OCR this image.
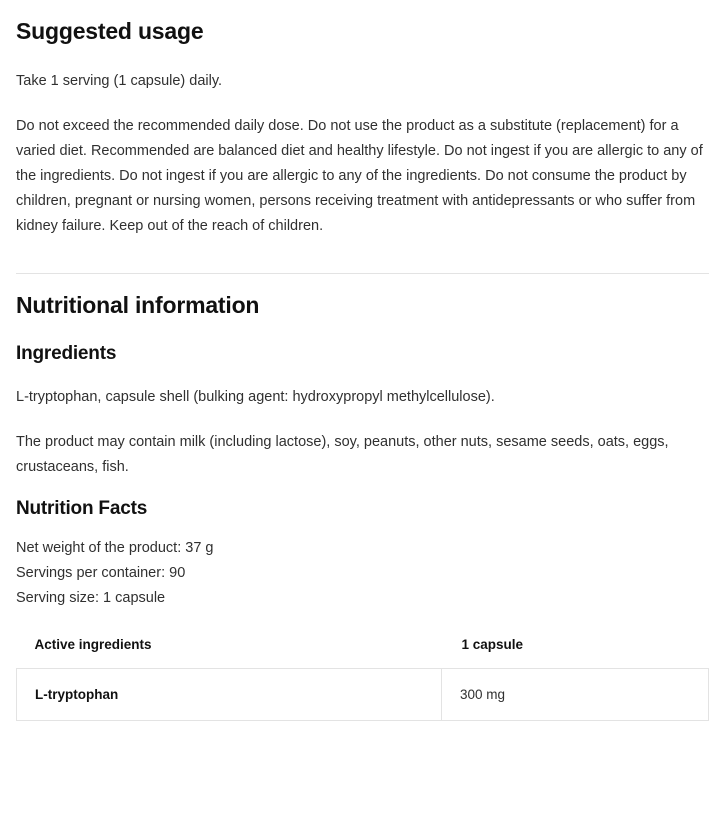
Suggested usage

Take 1 serving (1 capsule) daily.

Do not exceed the recommended daily dose. Do not use the product as a substitute (replacement) for a varied diet. Recommended are balanced diet and healthy lifestyle. Do not ingest if you are allergic to any of the ingredients. Do not ingest if you are allergic to any of the ingredients. Do not consume the product by children, pregnant or nursing women, persons receiving treatment with antidepressants or who suffer from kidney failure. Keep out of the reach of children.

Nutritional information
Ingredients

L-tryptophan, capsule shell (bulking agent: hydroxypropyl methylcellulose).

The product may contain milk (including lactose), soy, peanuts, other nuts, sesame seeds, oats, eggs, crustaceans, fish.

Nutrition Facts
Net weight of the product: 37 g
Servings per container: 90
Serving size: 1 capsule
Active ingredients	1 capsule
L-tryptophan	300 mg
